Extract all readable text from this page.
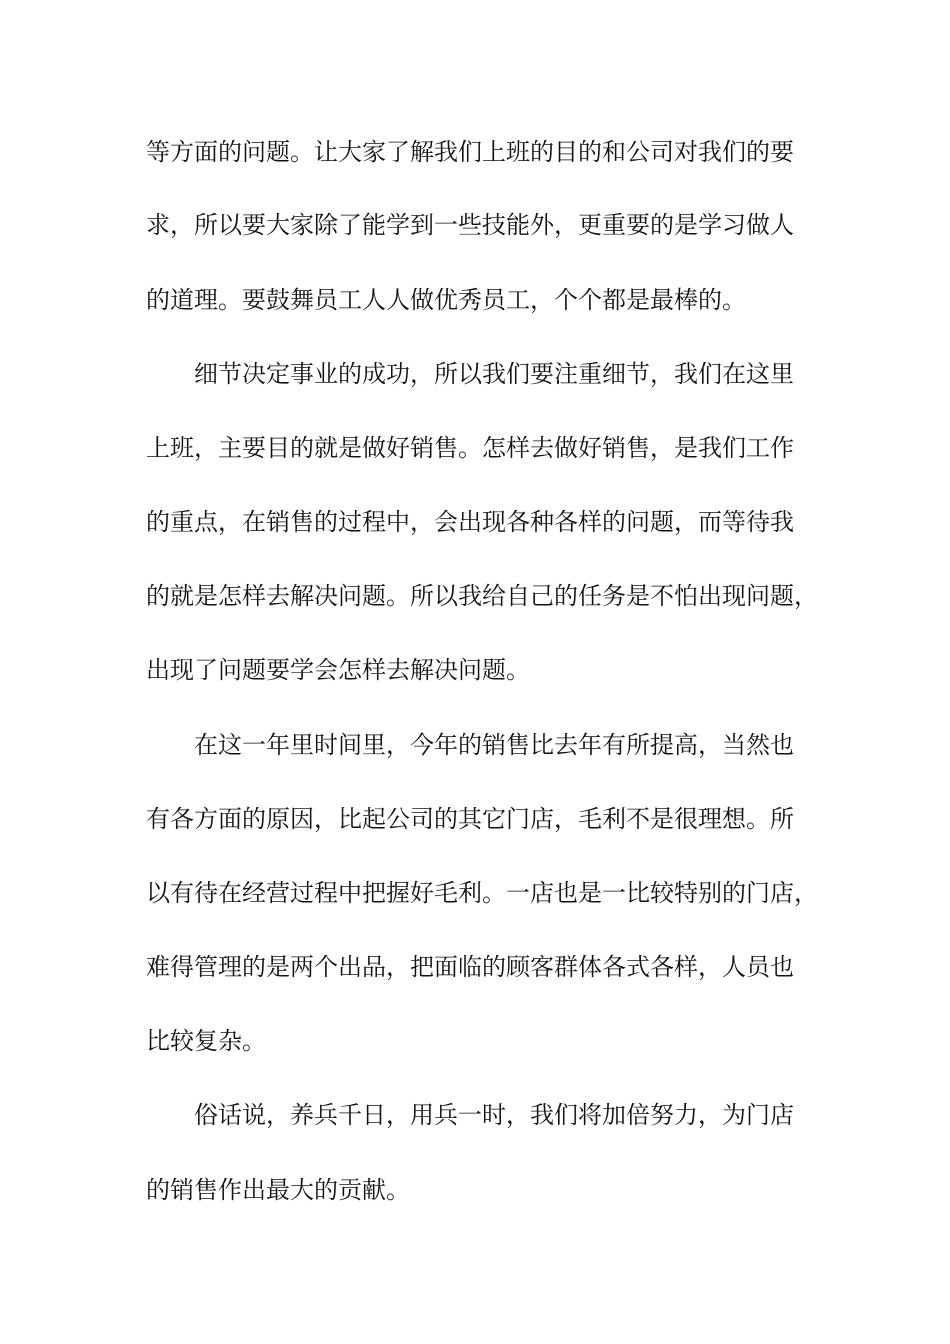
等方面的问题。让大家了解我们上班的目的和公司对我们的要
求，所以要大家除了能学到一些技能外，更重要的是学习做人
的道理。要鼓舞员工人人做优秀员工，个个都是最棒的。
细节决定事业的成功，所以我们要注重细节，我们在这里
上班，主要目的就是做好销售。怎样去做好销售，是我们工作
的重点，在销售的过程中，会出现各种各样的问题，而等待我
的就是怎样去解决问题。所以我给自己的任务是不怕出现问题，
出现了问题要学会怎样去解决问题。
在这一年里时间里，今年的销售比去年有所提高，当然也
有各方面的原因，比起公司的其它门店，毛利不是很理想。所
以有待在经营过程中把握好毛利。一店也是一比较特别的门店，
难得管理的是两个出品，把面临的顾客群体各式各样，人员也
比较复杂。
俗话说，养兵千日，用兵一时，我们将加倍努力，为门店
的销售作出最大的贡献。
